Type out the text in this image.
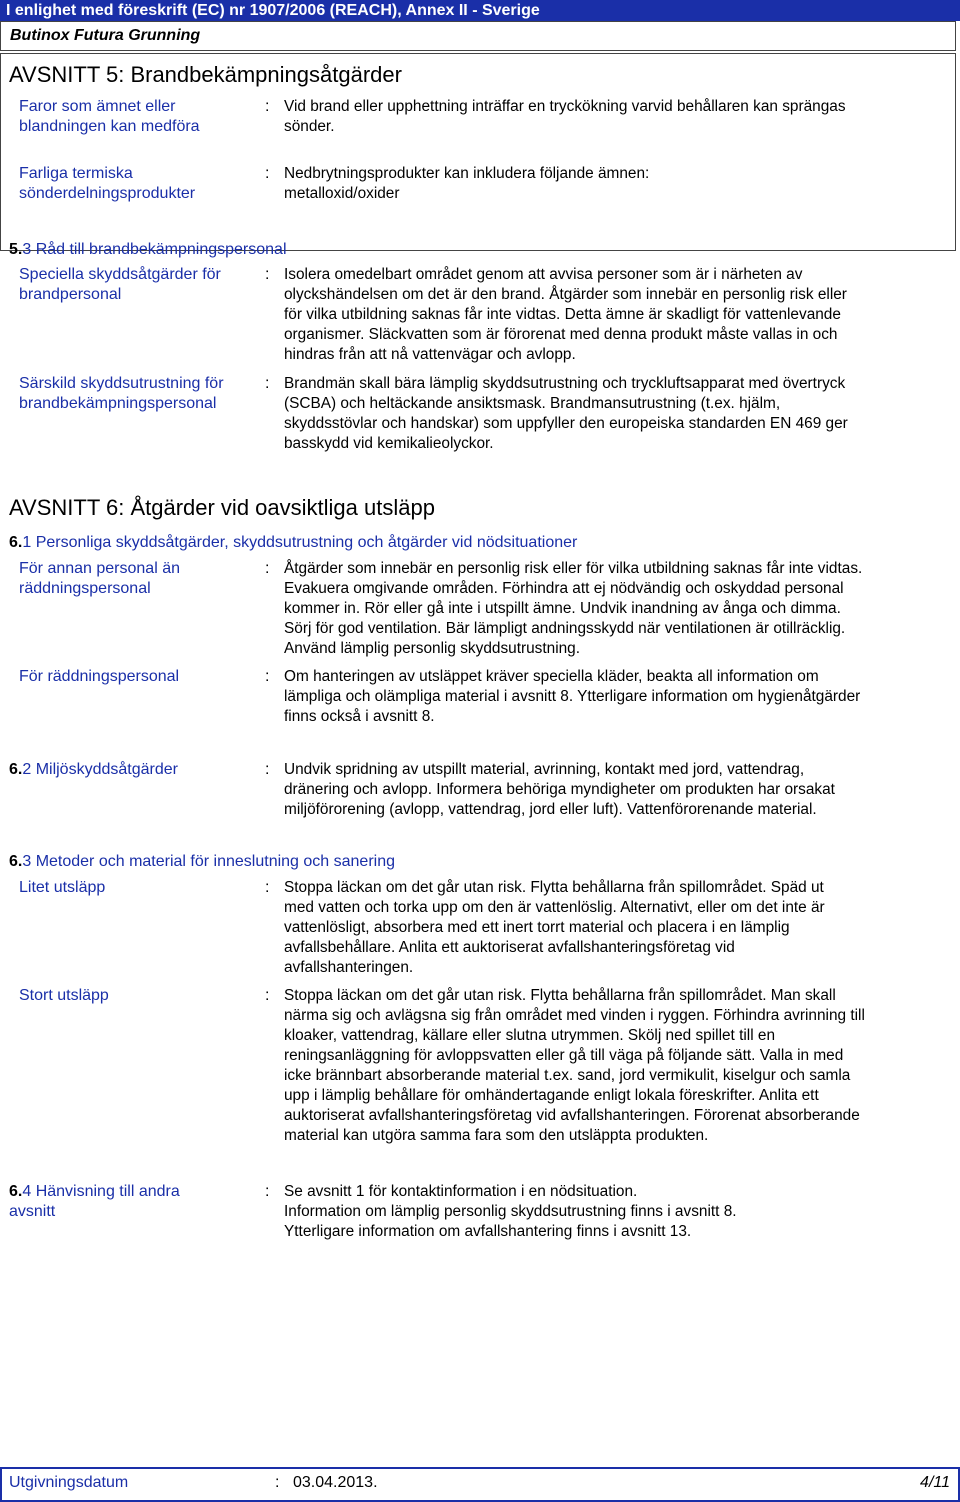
I enlighet med föreskrift (EC) nr 1907/2006 (REACH), Annex II - Sverige
Butinox Futura Grunning
AVSNITT 5: Brandbekämpningsåtgärder
Faror som ämnet eller blandningen kan medföra
: Vid brand eller upphettning inträffar en tryckökning varvid behållaren kan sprängas
sönder.
Farliga termiska sönderdelningsprodukter
: Nedbrytningsprodukter kan inkludera följande ämnen:
metalloxid/oxider
5.3 Råd till brandbekämpningspersonal
Speciella skyddsåtgärder för brandpersonal
: Isolera omedelbart området genom att avvisa personer som är i närheten av
olyckshändelsen om det är den brand. Åtgärder som innebär en personlig risk eller
för vilka utbildning saknas får inte vidtas. Detta ämne är skadligt för vattenlevande
organismer. Släckvatten som är förorenat med denna produkt måste vallas in och
hindras från att nå vattenvägar och avlopp.
Särskild skyddsutrustning för brandbekämpningspersonal
: Brandmän skall bära lämplig skyddsutrustning och tryckluftsapparat med övertryck
(SCBA) och heltäckande ansiktsmask. Brandmansutrustning (t.ex. hjälm,
skyddsstövlar och handskar) som uppfyller den europeiska standarden EN 469 ger
basskydd vid kemikalieolyckor.
AVSNITT 6: Åtgärder vid oavsiktliga utsläpp
6.1 Personliga skyddsåtgärder, skyddsutrustning och åtgärder vid nödsituationer
För annan personal än räddningspersonal
: Åtgärder som innebär en personlig risk eller för vilka utbildning saknas får inte vidtas.
Evakuera omgivande områden. Förhindra att ej nödvändig och oskyddad personal
kommer in. Rör eller gå inte i utspillt ämne. Undvik inandning av ånga och dimma.
Sörj för god ventilation. Bär lämpligt andningsskydd när ventilationen är otillräcklig.
Använd lämplig personlig skyddsutrustning.
För räddningspersonal	: Om hanteringen av utsläppet kräver speciella kläder, beakta all information om
lämpliga och olämpliga material i avsnitt 8. Ytterligare information om hygienåtgärder
finns också i avsnitt 8.
6.2 Miljöskyddsåtgärder	: Undvik spridning av utspillt material, avrinning, kontakt med jord, vattendrag,
dränering och avlopp. Informera behöriga myndigheter om produkten har orsakat
miljöförorening (avlopp, vattendrag, jord eller luft). Vattenförorenande material.
6.3 Metoder och material för inneslutning och sanering
Litet utsläpp	: Stoppa läckan om det går utan risk. Flytta behållarna från spillområdet. Späd ut
med vatten och torka upp om den är vattenlöslig. Alternativt, eller om det inte är
vattenlösligt, absorbera med ett inert torrt material och placera i en lämplig
avfallsbehållare. Anlita ett auktoriserat avfallshanteringsföretag vid
avfallshanteringen.
Stort utsläpp	: Stoppa läckan om det går utan risk. Flytta behållarna från spillområdet. Man skall
närma sig och avlägsna sig från området med vinden i ryggen. Förhindra avrinning till
kloaker, vattendrag, källare eller slutna utrymmen. Skölj ned spillet till en
reningsanläggning för avloppsvatten eller gå till väga på följande sätt. Valla in med
icke brännbart absorberande material t.ex. sand, jord vermikulit, kiselgur och samla
upp i lämplig behållare för omhändertagande enligt lokala föreskrifter. Anlita ett
auktoriserat avfallshanteringsföretag vid avfallshanteringen. Förorenat absorberande
material kan utgöra samma fara som den utsläppta produkten.
6.4 Hänvisning till andra
avsnitt
: Se avsnitt 1 för kontaktinformation i en nödsituation.
Information om lämplig personlig skyddsutrustning finns i avsnitt 8.
Ytterligare information om avfallshantering finns i avsnitt 13.
Utgivningsdatum	: 03.04.2013.	4/11
